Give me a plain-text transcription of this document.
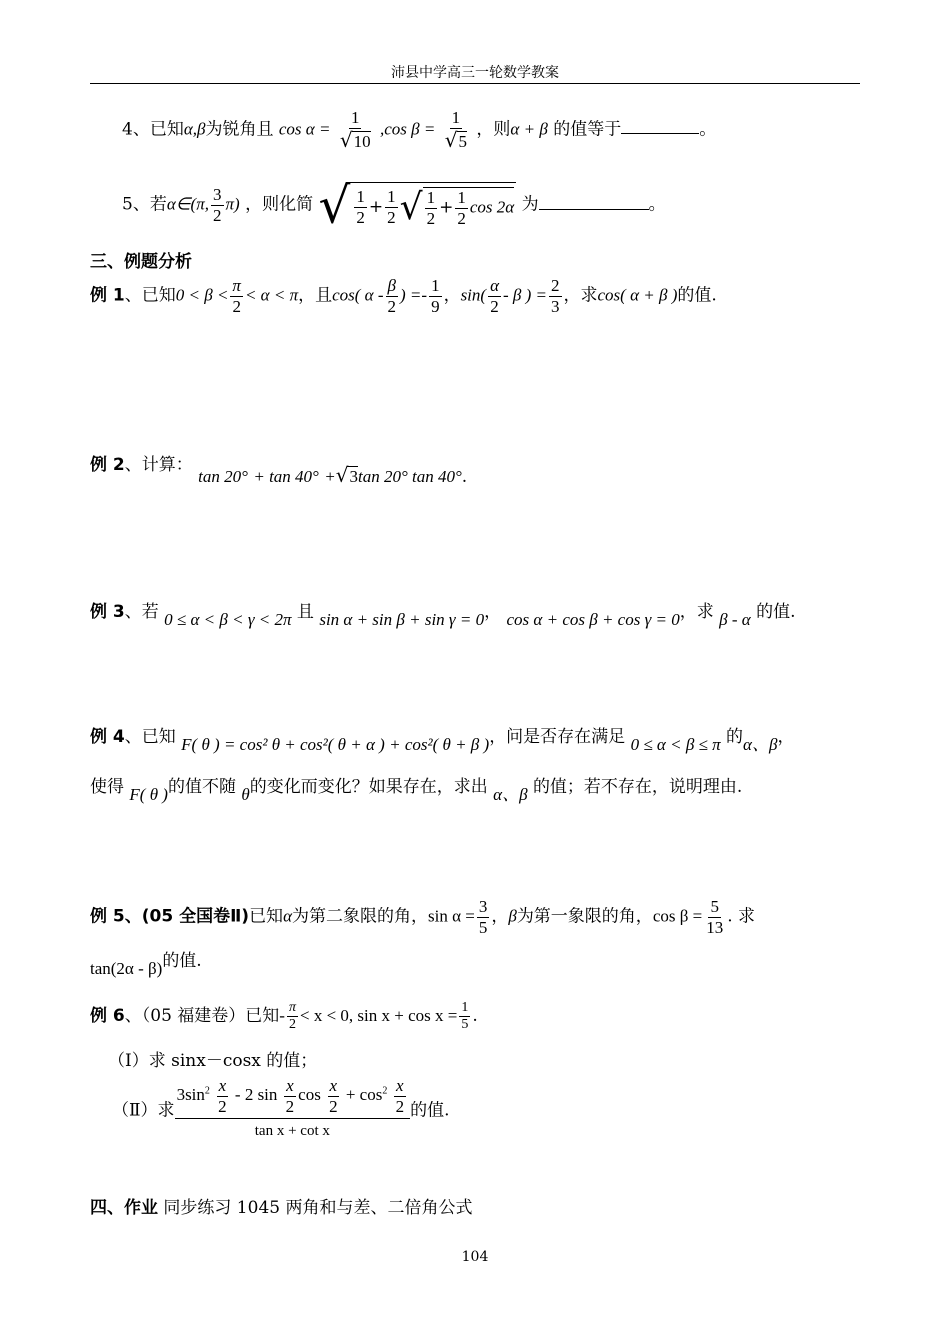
沛县中学高三一轮数学教案
4、已知α,β为锐角且 $\cos \alpha = \frac{1}{√10} ,\cos$ $\beta = \frac{1}{√5}$ ，则α + β 的值等于	。
5、若α∈(π, $\frac{3}{2} \pi$) ，则化简 √ $\frac{1}{2} + \frac{1}{2}$ √ $\frac{1}{2} + \frac{1}{2}$ cos 2α 为	。
三、例题分析
例 1、已知$0 < \beta < \frac{\pi}{2} < \alpha < \pi$，且cos( α - $\frac{\beta}{2}$ ) =- $\frac{1}{9}$ ，$\sin( \frac{\alpha}{2}$ - β ) = $\frac{2}{3}$ ，求cos( α + β )的值.
例 2、计算： tan 20° + tan 40° +√3tan 20° tan 40°.
例 3、若 0 ≤ α < β < γ < 2π 且 sin α + sin β + sin γ = 0， cos α + cos β + cos γ = 0，求 β - α 的值.
例 4、已知 F( θ ) = cos² θ + cos²( θ + α ) + cos²( θ + β )，问是否存在满足 0 ≤ α < β ≤ π 的α、β，
使得 F( θ )的值不随 θ的变化而变化？如果存在，求出 α、β 的值；若不存在，说明理由.
例 5、(05 全国卷Ⅱ)已知α为第二象限的角，$\sin \alpha = \frac{3}{5}$ ，β为第一象限的角，$\cos \beta = \frac{5}{13}$ . 求
tan(2α - β)的值.
例 6、（05 福建卷）已知- $\frac{\pi}{2} < x < 0$, $\sin x + \cos x = \frac{1}{5}$ .
（I）求 sinx－cosx 的值；
（Ⅱ）求
$3\sin^2 \frac{x}{2} - 2$ $\sin \frac{x}{2}$ $\cos \frac{x}{2} + \cos^2 \frac{x}{2}$
tan x + cot x
的值.
四、作业 同步练习 1045 两角和与差、二倍角公式
104
